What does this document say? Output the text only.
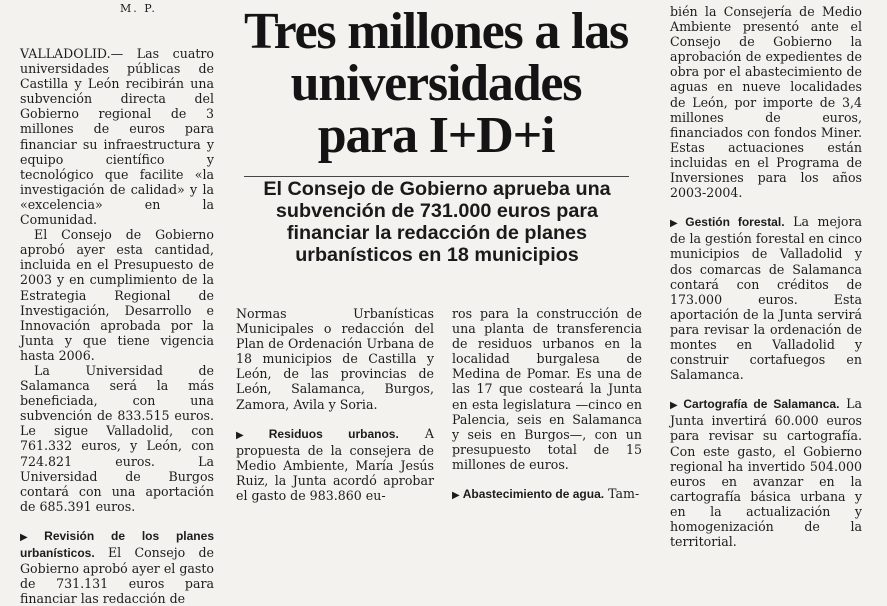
M. P. Tres millones a las universidades para I+D+i
El Consejo de Gobierno aprueba una subvención de 731.000 euros para financiar la redacción de planes urbanísticos en 18 municipios

VALLADOLID.— Las cuatro universidades públicas de Castilla y León recibirán una subvención directa del Gobierno regional de 3 millones de euros para financiar su infraestructura y equipo científico y tecnológico que facilite «la investigación de calidad» y la «excelencia» en la Comunidad.

El Consejo de Gobierno aprobó ayer esta cantidad, incluida en el Presupuesto de 2003 y en cumplimiento de la Estrategia Regional de Investigación, Desarrollo e Innovación aprobada por la Junta y que tiene vigencia hasta 2006.

La Universidad de Salamanca será la más beneficiada, con una subvención de 833.515 euros. Le sigue Valladolid, con 761.332 euros, y León, con 724.821 euros. La Universidad de Burgos contará con una aportación de 685.391 euros.

▶ Revisión de los planes urbanísticos. El Consejo de Gobierno aprobó ayer el gasto de 731.131 euros para financiar las redacción de

Normas Urbanísticas Municipales o redacción del Plan de Ordenación Urbana de 18 municipios de Castilla y León, de las provincias de León, Salamanca, Burgos, Zamora, Avila y Soria.

▶ Residuos urbanos. A propuesta de la consejera de Medio Ambiente, María Jesús Ruiz, la Junta acordó aprobar el gasto de 983.860 eu-

ros para la construcción de una planta de transferencia de residuos urbanos en la localidad burgalesa de Medina de Pomar. Es una de las 17 que costeará la Junta en esta legislatura —cinco en Palencia, seis en Salamanca y seis en Burgos—, con un presupuesto total de 15 millones de euros.

▶ Abastecimiento de agua. Tam-

bién la Consejería de Medio Ambiente presentó ante el Consejo de Gobierno la aprobación de expedientes de obra por el abastecimiento de aguas en nueve localidades de León, por importe de 3,4 millones de euros, financiados con fondos Miner. Estas actuaciones están incluidas en el Programa de Inversiones para los años 2003-2004.

▶ Gestión forestal. La mejora de la gestión forestal en cinco municipios de Valladolid y dos comarcas de Salamanca contará con créditos de 173.000 euros. Esta aportación de la Junta servirá para revisar la ordenación de montes en Valladolid y construir cortafuegos en Salamanca.

▶ Cartografía de Salamanca. La Junta invertirá 60.000 euros para revisar su cartografía. Con este gasto, el Gobierno regional ha invertido 504.000 euros en avanzar en la cartografía básica urbana y en la actualización y homogenización de la territorial.
